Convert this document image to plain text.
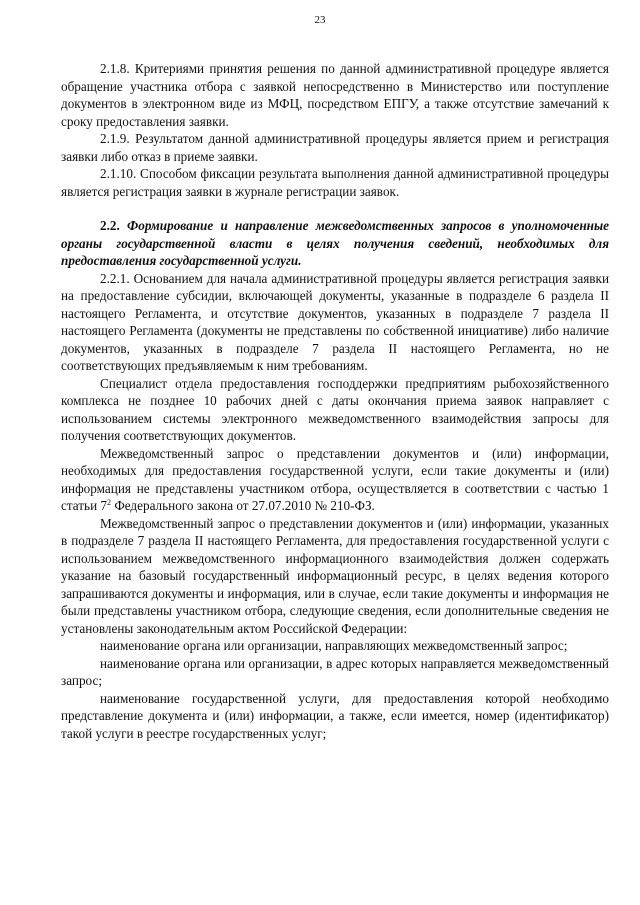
23

2.1.8. Критериями принятия решения по данной административной процедуре является обращение участника отбора с заявкой непосредственно в Министерство или поступление документов в электронном виде из МФЦ, посредством ЕПГУ, а также отсутствие замечаний к сроку предоставления заявки.

2.1.9. Результатом данной административной процедуры является прием и регистрация заявки либо отказ в приеме заявки.

2.1.10. Способом фиксации результата выполнения данной административной процедуры является регистрация заявки в журнале регистрации заявок.

2.2. Формирование и направление межведомственных запросов в уполномоченные органы государственной власти в целях получения сведений, необходимых для предоставления государственной услуги.

2.2.1. Основанием для начала административной процедуры является регистрация заявки на предоставление субсидии, включающей документы, указанные в подразделе 6 раздела II настоящего Регламента, и отсутствие документов, указанных в подразделе 7 раздела II настоящего Регламента (документы не представлены по собственной инициативе) либо наличие документов, указанных в подразделе 7 раздела II настоящего Регламента, но не соответствующих предъявляемым к ним требованиям.

Специалист отдела предоставления господдержки предприятиям рыбохозяйственного комплекса не позднее 10 рабочих дней с даты окончания приема заявок направляет с использованием системы электронного межведомственного взаимодействия запросы для получения соответствующих документов.

Межведомственный запрос о представлении документов и (или) информации, необходимых для предоставления государственной услуги, если такие документы и (или) информация не представлены участником отбора, осуществляется в соответствии с частью 1 статьи $7^2$ Федерального закона от 27.07.2010 № 210-ФЗ.

Межведомственный запрос о представлении документов и (или) информации, указанных в подразделе 7 раздела II настоящего Регламента, для предоставления государственной услуги с использованием межведомственного информационного взаимодействия должен содержать указание на базовый государственный информационный ресурс, в целях ведения которого запрашиваются документы и информация, или в случае, если такие документы и информация не были представлены участником отбора, следующие сведения, если дополнительные сведения не установлены законодательным актом Российской Федерации:

наименование органа или организации, направляющих межведомственный запрос;

наименование органа или организации, в адрес которых направляется межведомственный запрос;

наименование государственной услуги, для предоставления которой необходимо представление документа и (или) информации, а также, если имеется, номер (идентификатор) такой услуги в реестре государственных услуг;
